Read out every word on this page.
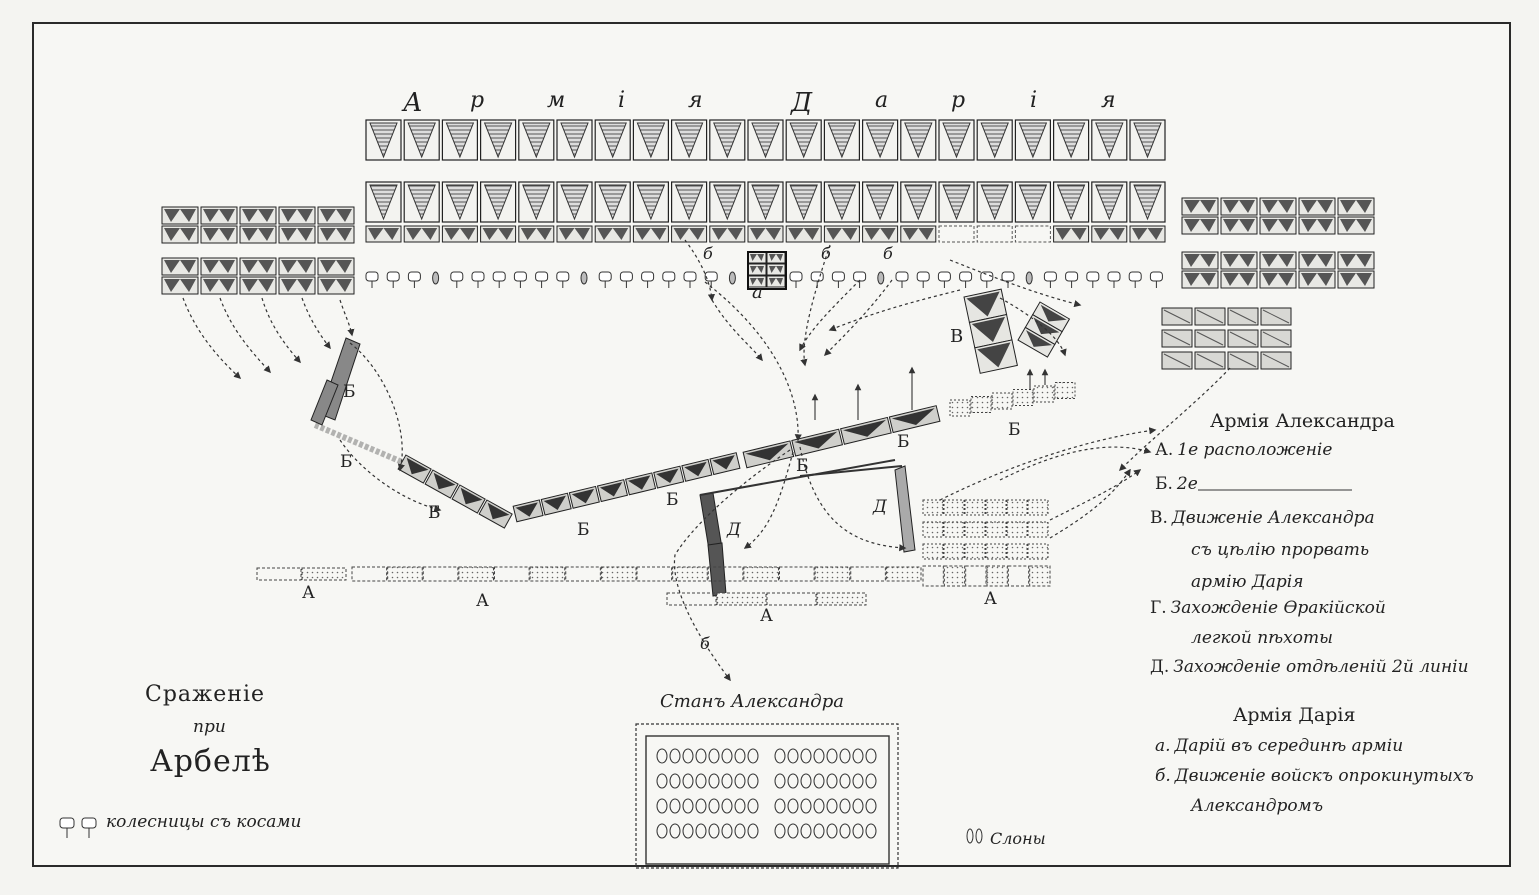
А р	м і	я	Д	а	р	і	я
а
б	б	б
б
В
Б
Б
Б
Б
Б
Б
Б
Б
Д
Д
А	А
А
А
Станъ Александра
Сраженіе
при
Арбелѣ
колесницы съ косами
Слоны
Армія Александра
А. 1е расположеніе
Б. 2е
В. Движеніе Александра
съ цѣлію прорвать
армію Дарія
Г. Захожденіе Ѳракійской
легкой пѣхоты
Д. Захожденіе отдѣленій 2й линіи
Армія Дарія
а. Дарій въ серединѣ арміи
б. Движеніе войскъ опрокинутыхъ
Александромъ
